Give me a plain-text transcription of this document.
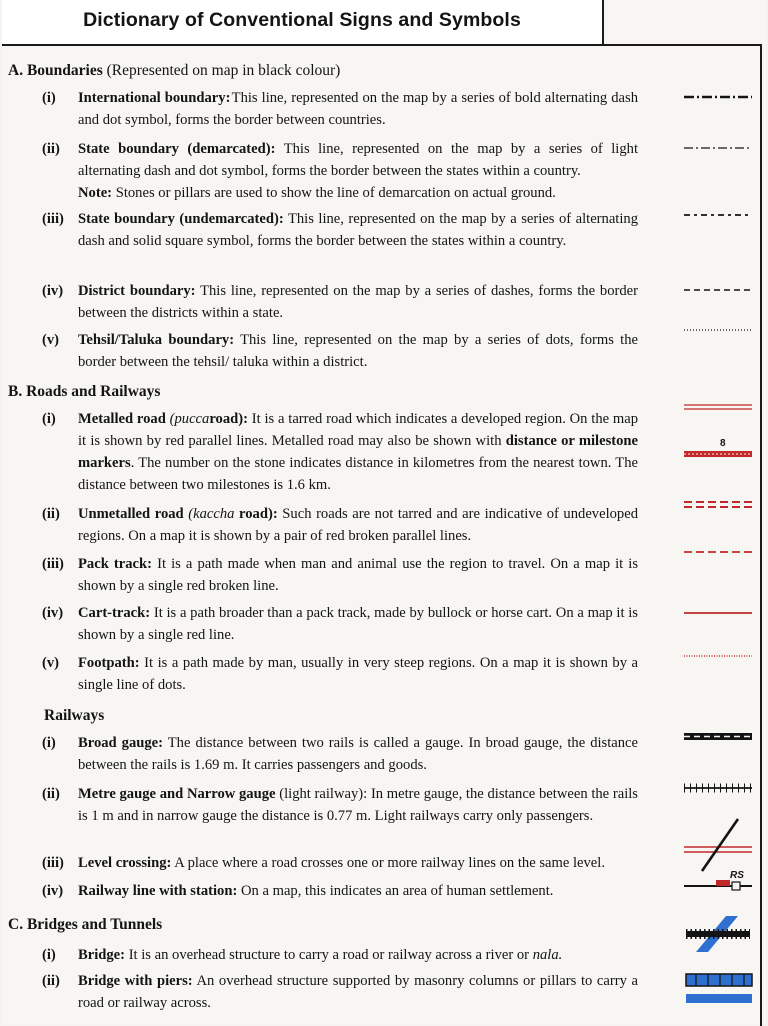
Dictionary of Conventional Signs and Symbols
A. Boundaries (Represented on map in black colour)
(i)	International boundary: This line, represented on the map by a series of bold alternating dash and dot symbol, forms the border between countries.
(ii)	State boundary (demarcated): This line, represented on the map by a series of light alternating dash and dot symbol, forms the border between the states within a country.
Note: Stones or pillars are used to show the line of demarcation on actual ground.
(iii) State boundary (undemarcated): This line, represented on the map by a series of alternating dash and solid square symbol, forms the border between the states within a country.
(iv)	District boundary: This line, represented on the map by a series of dashes, forms the border between the districts within a state.
(v)	Tehsil/Taluka boundary: This line, represented on the map by a series of dots, forms the border between the tehsil/ taluka within a district.
B. Roads and Railways
(i)	Metalled road (puccaroad): It is a tarred road which indicates a developed region. On the map it is shown by red parallel lines. Metalled road may also be shown with distance or milestone markers. The number on the stone indicates distance in kilometres from the nearest town. The distance between two milestones is 1.6 km.
(ii)	Unmetalled road (kaccha road): Such roads are not tarred and are indicative of undeveloped regions. On a map it is shown by a pair of red broken parallel lines.
(iii) Pack track: It is a path made when man and animal use the region to travel. On a map it is shown by a single red broken line.
(iv)	Cart-track: It is a path broader than a pack track, made by bullock or horse cart. On a map it is shown by a single red line.
(v)	Footpath: It is a path made by man, usually in very steep regions. On a map it is shown by a single line of dots.
Railways
(i)	Broad gauge: The distance between two rails is called a gauge. In broad gauge, the distance between the rails is 1.69 m. It carries passengers and goods.
(ii)	Metre gauge and Narrow gauge (light railway): In metre gauge, the distance between the rails is 1 m and in narrow gauge the distance is 0.77 m. Light railways carry only passengers.
(iii) Level crossing: A place where a road crosses one or more railway lines on the same level.
(iv)	Railway line with station: On a map, this indicates an area of human settlement.
C. Bridges and Tunnels
(i)	Bridge: It is an overhead structure to carry a road or railway across a river or nala.
(ii)	Bridge with piers: An overhead structure supported by masonry columns or pillars to carry a road or railway across.
8
RS
